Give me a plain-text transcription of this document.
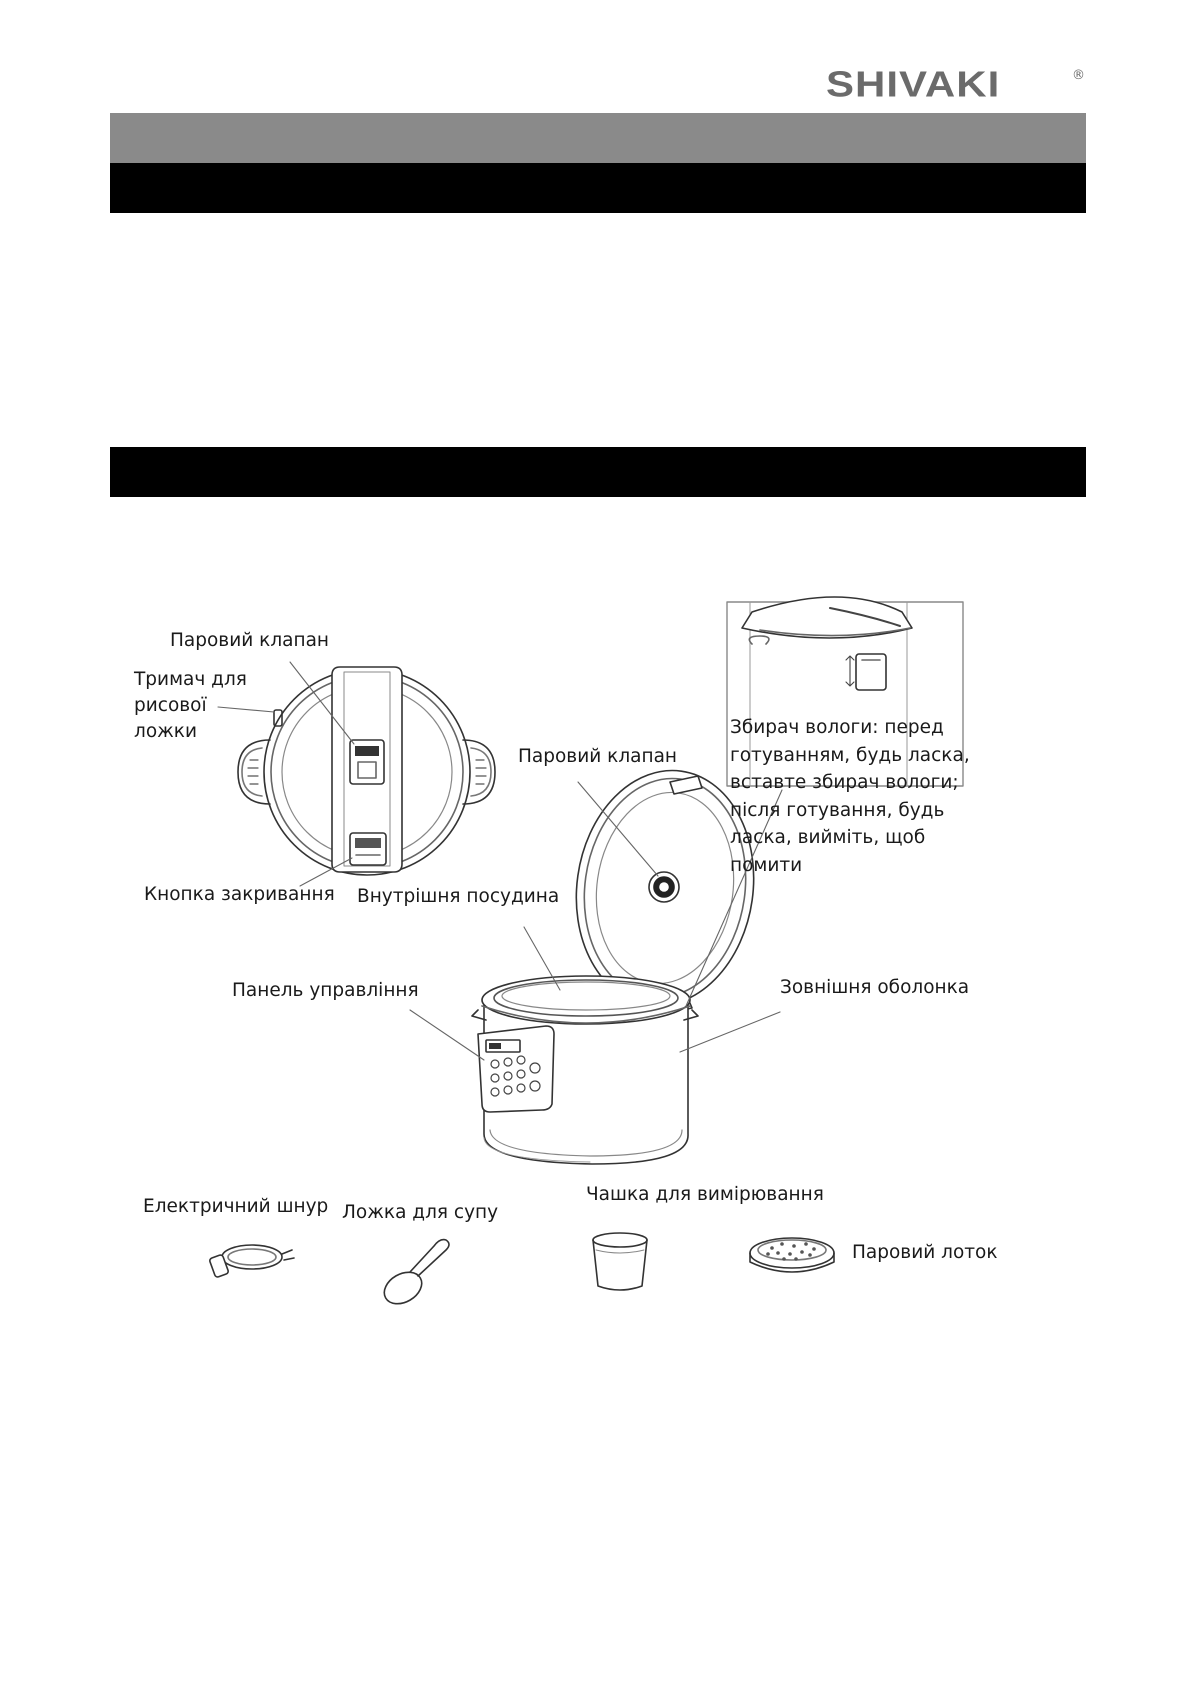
SHIVAKI	®
Паровий клапан
Тримач для рисової ложки
Кнопка закривання
Паровий клапан
Збирач вологи: перед готуванням, будь ласка, вставте збирач вологи; після готування, будь ласка, вийміть, щоб помити
Внутрішня посудина
Панель управління	Зовнішня оболонка
Електричний шнур Ложка для супу
Чашка для вимірювання
Паровий лоток
